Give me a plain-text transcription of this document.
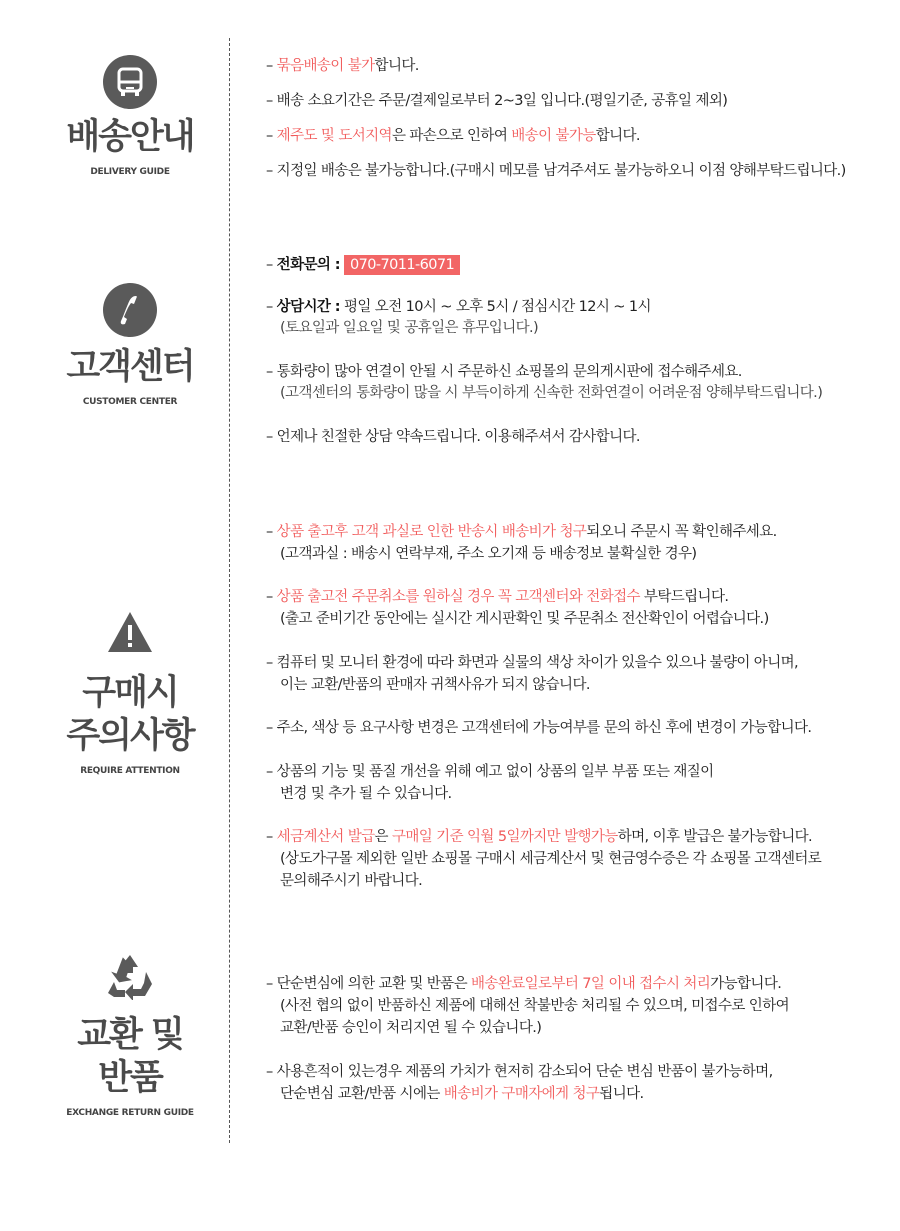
배송안내
DELIVERY GUIDE
– 묶음배송이 불가합니다.
– 배송 소요기간은 주문/결제일로부터 2~3일 입니다.(평일기준, 공휴일 제외)
– 제주도 및 도서지역은 파손으로 인하여 배송이 불가능합니다.
– 지정일 배송은 불가능합니다.(구매시 메모를 남겨주셔도 불가능하오니 이점 양해부탁드립니다.)
고객센터
CUSTOMER CENTER
– 전화문의 : 070-7011-6071
– 상담시간 : 평일 오전 10시 ~ 오후 5시 / 점심시간 12시 ~ 1시
(토요일과 일요일 및 공휴일은 휴무입니다.)
– 통화량이 많아 연결이 안될 시 주문하신 쇼핑몰의 문의게시판에 접수해주세요.
(고객센터의 통화량이 많을 시 부득이하게 신속한 전화연결이 어려운점 양해부탁드립니다.)
– 언제나 친절한 상담 약속드립니다. 이용해주셔서 감사합니다.
구매시
주의사항
REQUIRE ATTENTION
– 상품 출고후 고객 과실로 인한 반송시 배송비가 청구되오니 주문시 꼭 확인해주세요.
(고객과실 : 배송시 연락부재, 주소 오기재 등 배송정보 불확실한 경우)
– 상품 출고전 주문취소를 원하실 경우 꼭 고객센터와 전화접수 부탁드립니다.
(출고 준비기간 동안에는 실시간 게시판확인 및 주문취소 전산확인이 어렵습니다.)
– 컴퓨터 및 모니터 환경에 따라 화면과 실물의 색상 차이가 있을수 있으나 불량이 아니며,
이는 교환/반품의 판매자 귀책사유가 되지 않습니다.
– 주소, 색상 등 요구사항 변경은 고객센터에 가능여부를 문의 하신 후에 변경이 가능합니다.
– 상품의 기능 및 품질 개선을 위해 예고 없이 상품의 일부 부품 또는 재질이
변경 및 추가 될 수 있습니다.
– 세금계산서 발급은 구매일 기준 익월 5일까지만 발행가능하며, 이후 발급은 불가능합니다.
(상도가구몰 제외한 일반 쇼핑몰 구매시 세금계산서 및 현금영수증은 각 쇼핑몰 고객센터로
문의해주시기 바랍니다.
교환 및
반품
EXCHANGE RETURN GUIDE
– 단순변심에 의한 교환 및 반품은 배송완료일로부터 7일 이내 접수시 처리가능합니다.
(사전 협의 없이 반품하신 제품에 대해선 착불반송 처리될 수 있으며, 미접수로 인하여
교환/반품 승인이 처리지연 될 수 있습니다.)
– 사용흔적이 있는경우 제품의 가치가 현저히 감소되어 단순 변심 반품이 불가능하며,
단순변심 교환/반품 시에는 배송비가 구매자에게 청구됩니다.
